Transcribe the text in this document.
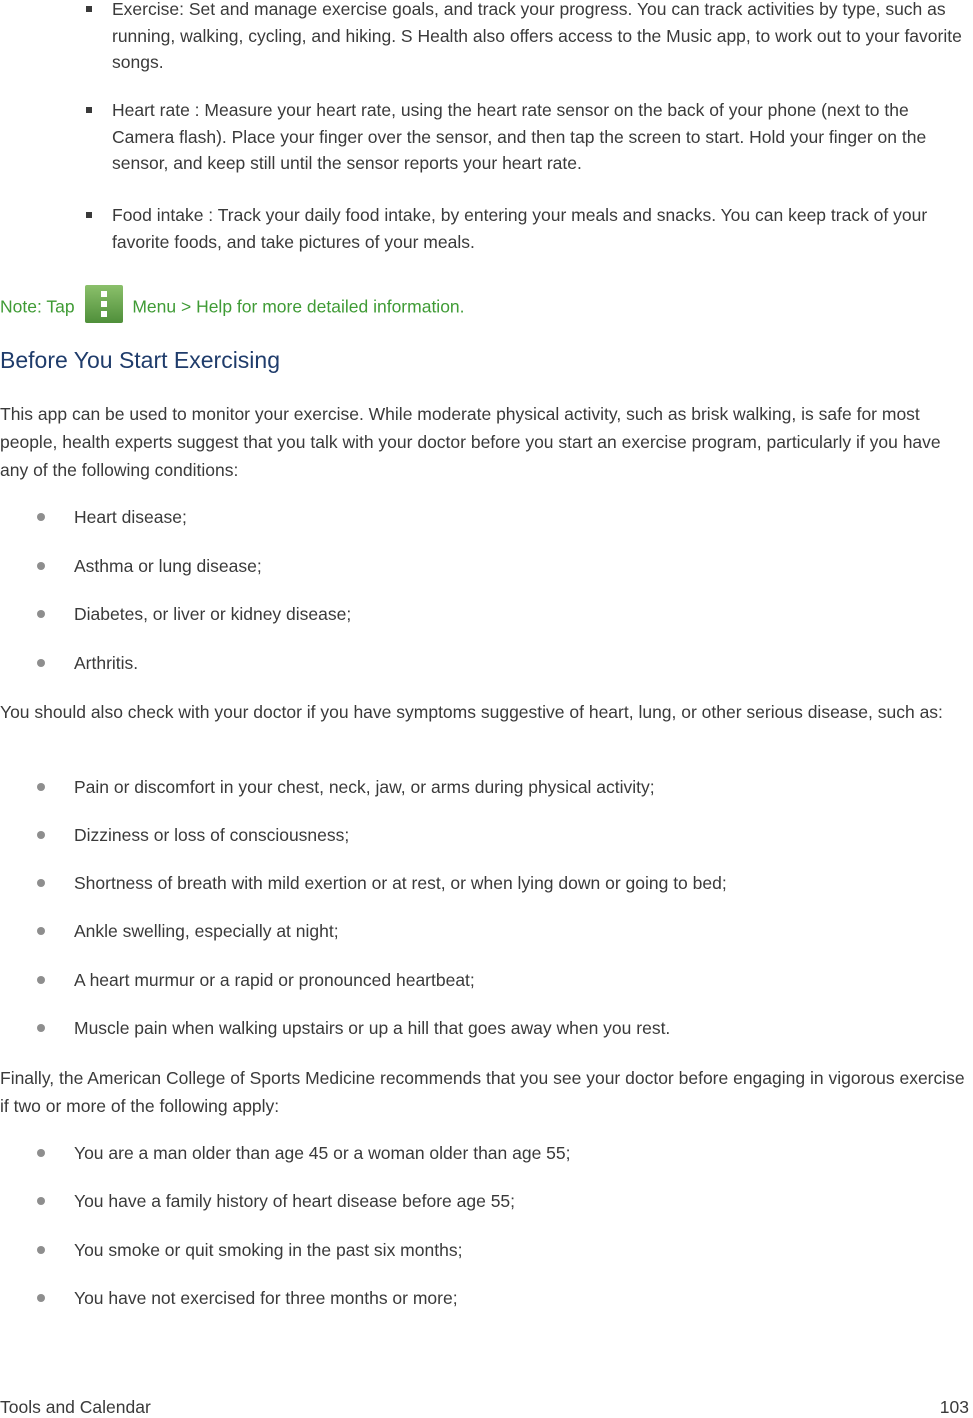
Exercise: Set and manage exercise goals, and track your progress. You can track activities by type, such as running, walking, cycling, and hiking. S Health also offers access to the Music app, to work out to your favorite songs.
Heart rate : Measure your heart rate, using the heart rate sensor on the back of your phone (next to the Camera flash). Place your finger over the sensor, and then tap the screen to start. Hold your finger on the sensor, and keep still until the sensor reports your heart rate.
Food intake : Track your daily food intake, by entering your meals and snacks. You can keep track of your favorite foods, and take pictures of your meals.
Note: Tap	Menu > Help for more detailed information.
Before You Start Exercising
This app can be used to monitor your exercise. While moderate physical activity, such as brisk walking, is safe for most people, health experts suggest that you talk with your doctor before you start an exercise program, particularly if you have any of the following conditions:
Heart disease;
Asthma or lung disease;
Diabetes, or liver or kidney disease;
Arthritis.
You should also check with your doctor if you have symptoms suggestive of heart, lung, or other serious disease, such as:
Pain or discomfort in your chest, neck, jaw, or arms during physical activity;
Dizziness or loss of consciousness;
Shortness of breath with mild exertion or at rest, or when lying down or going to bed;
Ankle swelling, especially at night;
A heart murmur or a rapid or pronounced heartbeat;
Muscle pain when walking upstairs or up a hill that goes away when you rest.
Finally, the American College of Sports Medicine recommends that you see your doctor before engaging in vigorous exercise if two or more of the following apply:
You are a man older than age 45 or a woman older than age 55;
You have a family history of heart disease before age 55;
You smoke or quit smoking in the past six months;
You have not exercised for three months or more;
Tools and Calendar	103
